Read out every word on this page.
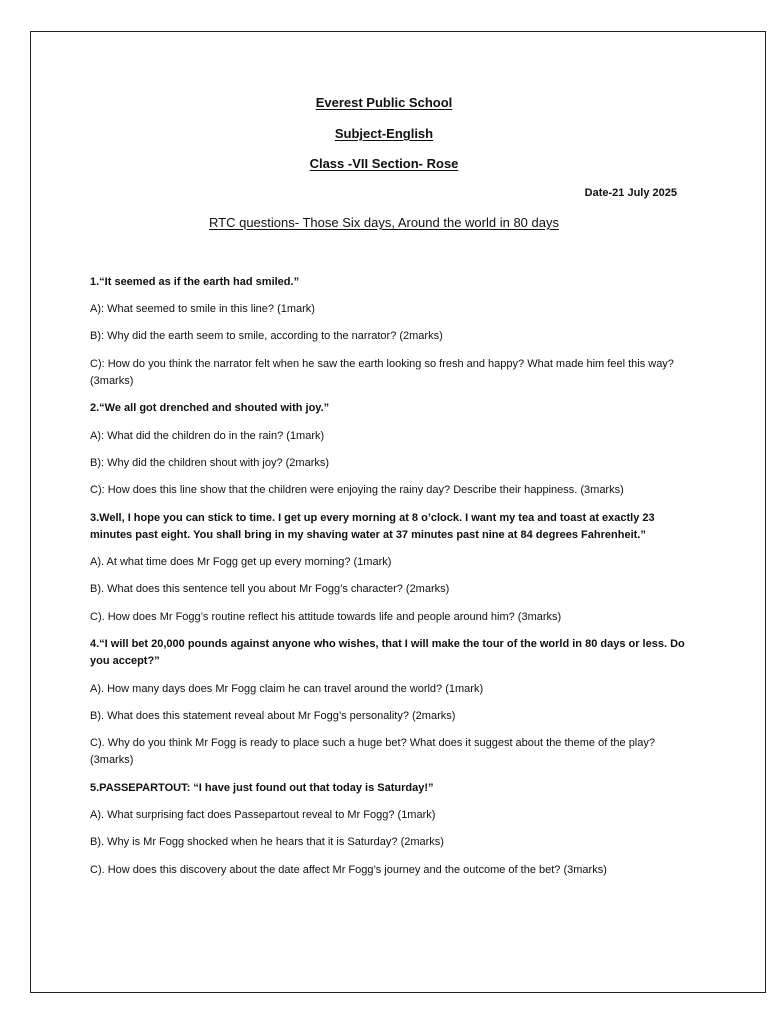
Everest Public School
Subject-English
Class -VII Section- Rose
Date-21 July 2025
RTC questions- Those Six days, Around the world in 80 days
1.“It seemed as if the earth had smiled.”
A): What seemed to smile in this line? (1mark)
B): Why did the earth seem to smile, according to the narrator? (2marks)
C): How do you think the narrator felt when he saw the earth looking so fresh and happy? What made him feel this way? (3marks)
2.“We all got drenched and shouted with joy.”
A): What did the children do in the rain? (1mark)
B): Why did the children shout with joy? (2marks)
C): How does this line show that the children were enjoying the rainy day? Describe their happiness. (3marks)
3.Well, I hope you can stick to time. I get up every morning at 8 o’clock. I want my tea and toast at exactly 23 minutes past eight. You shall bring in my shaving water at 37 minutes past nine at 84 degrees Fahrenheit.”
A). At what time does Mr Fogg get up every morning? (1mark)
B). What does this sentence tell you about Mr Fogg’s character? (2marks)
C). How does Mr Fogg’s routine reflect his attitude towards life and people around him? (3marks)
4.“I will bet 20,000 pounds against anyone who wishes, that I will make the tour of the world in 80 days or less. Do you accept?”
A). How many days does Mr Fogg claim he can travel around the world? (1mark)
B). What does this statement reveal about Mr Fogg’s personality? (2marks)
C). Why do you think Mr Fogg is ready to place such a huge bet? What does it suggest about the theme of the play? (3marks)
5.PASSEPARTOUT: “I have just found out that today is Saturday!”
A). What surprising fact does Passepartout reveal to Mr Fogg? (1mark)
B). Why is Mr Fogg shocked when he hears that it is Saturday? (2marks)
C). How does this discovery about the date affect Mr Fogg’s journey and the outcome of the bet? (3marks)
